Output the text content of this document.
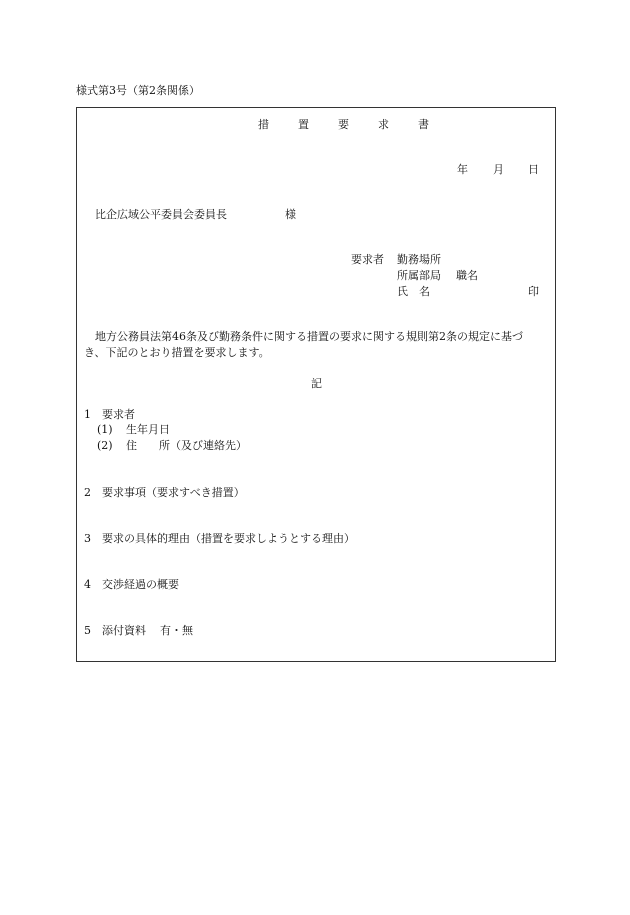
様式第3号（第2条関係）
措　置　要　求　書
年 月 日
比企広域公平委員会委員長	様
要求者 勤務場所
所属部局 職名
氏　名	印
地方公務員法第46条及び勤務条件に関する措置の要求に関する規則第2条の規定に基づ
き、下記のとおり措置を要求します。
記
1 要求者
(1) 生年月日
(2) 住　　所（及び連絡先）
2 要求事項（要求すべき措置）
3 要求の具体的理由（措置を要求しようとする理由）
4 交渉経過の概要
5 添付資料 有・無
